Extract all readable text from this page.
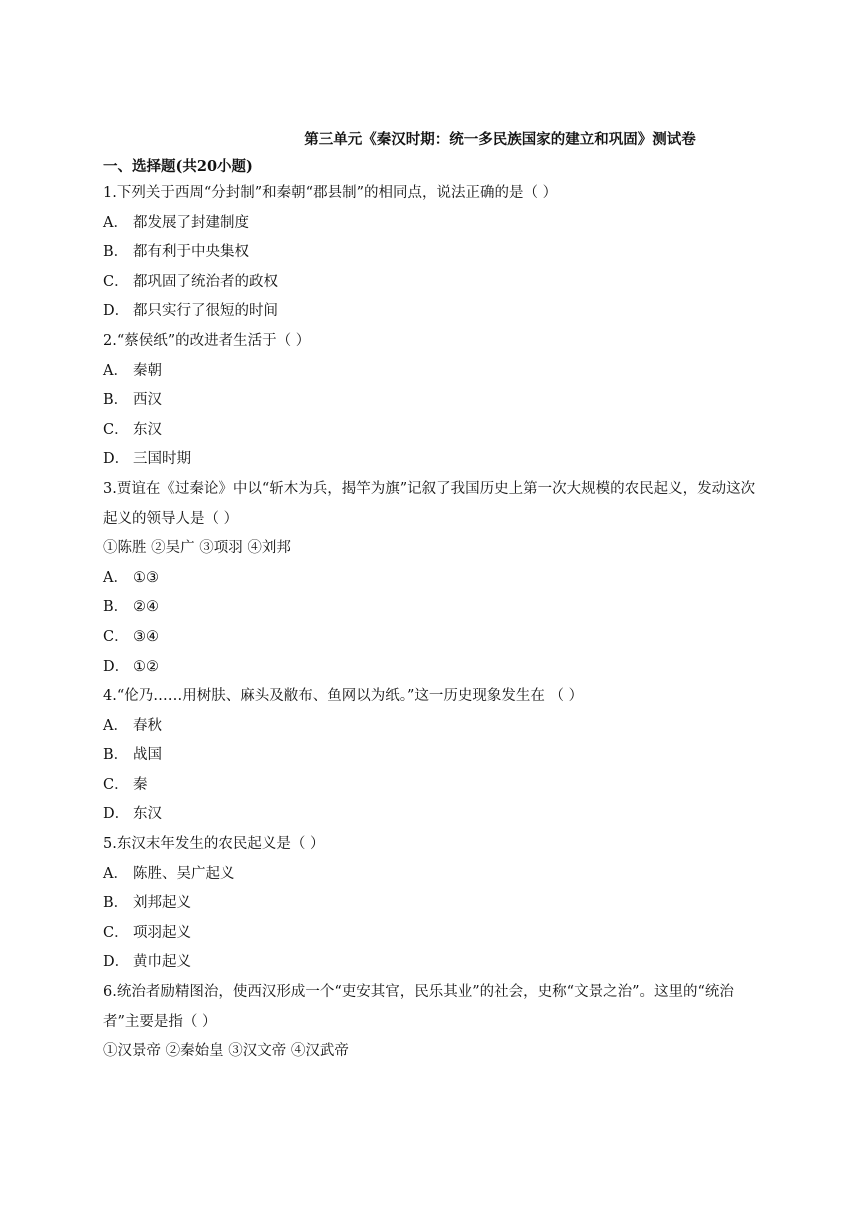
第三单元《秦汉时期：统一多民族国家的建立和巩固》测试卷
一、选择题(共20小题)
1.下列关于西周“分封制”和秦朝“郡县制”的相同点，说法正确的是（ ）
A． 都发展了封建制度
B． 都有利于中央集权
C． 都巩固了统治者的政权
D． 都只实行了很短的时间
2.“蔡侯纸”的改进者生活于（ ）
A． 秦朝
B． 西汉
C． 东汉
D． 三国时期
3.贾谊在《过秦论》中以“斩木为兵，揭竿为旗”记叙了我国历史上第一次大规模的农民起义，发动这次起义的领导人是（ ）
①陈胜 ②吴广 ③项羽 ④刘邦
A． ①③
B． ②④
C． ③④
D． ①②
4.“伦乃……用树肤、麻头及敝布、鱼网以为纸。”这一历史现象发生在 （ ）
A． 春秋
B． 战国
C． 秦
D． 东汉
5.东汉末年发生的农民起义是（ ）
A． 陈胜、吴广起义
B． 刘邦起义
C． 项羽起义
D． 黄巾起义
6.统治者励精图治，使西汉形成一个“吏安其官，民乐其业”的社会，史称“文景之治”。这里的“统治者”主要是指（ ）
①汉景帝 ②秦始皇 ③汉文帝 ④汉武帝
